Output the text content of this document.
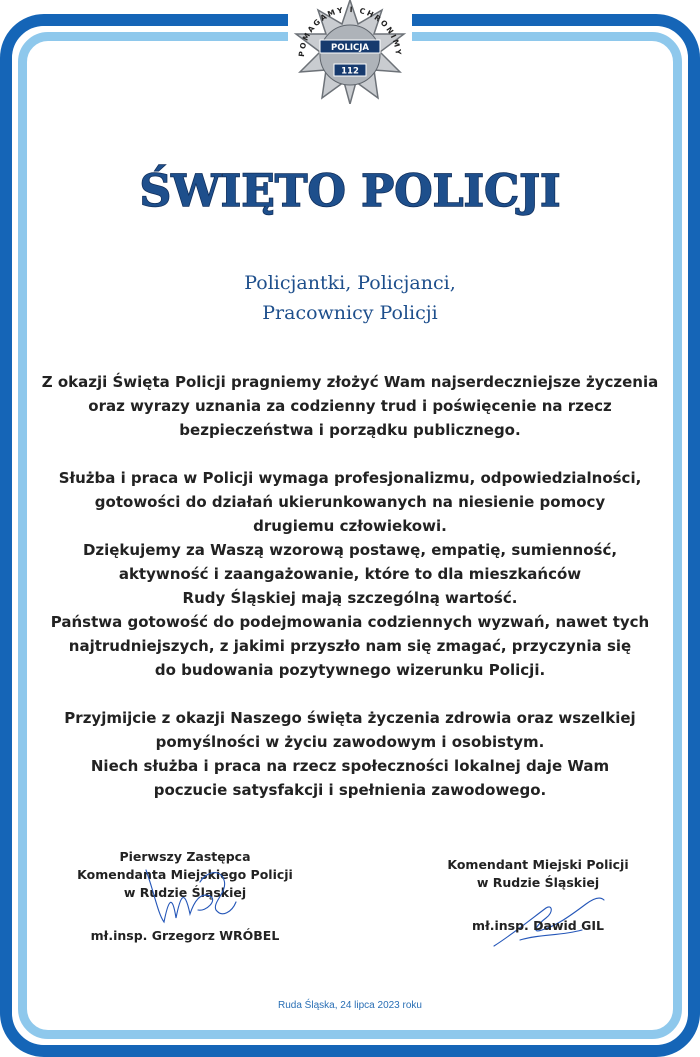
POMAGAMY I CHRONIMY
POLICJA
112
ŚWIĘTO POLICJI
Policjantki, Policjanci,
Pracownicy Policji

Z okazji Święta Policji pragniemy złożyć Wam najserdeczniejsze życzenia

oraz wyrazy uznania za codzienny trud i poświęcenie na rzecz

bezpieczeństwa i porządku publicznego.

Służba i praca w Policji wymaga profesjonalizmu, odpowiedzialności,

gotowości do działań ukierunkowanych na niesienie pomocy

drugiemu człowiekowi.

Dziękujemy za Waszą wzorową postawę, empatię, sumienność,

aktywność i zaangażowanie, które to dla mieszkańców

Rudy Śląskiej mają szczególną wartość.

Państwa gotowość do podejmowania codziennych wyzwań, nawet tych

najtrudniejszych, z jakimi przyszło nam się zmagać, przyczynia się

do budowania pozytywnego wizerunku Policji.

Przyjmijcie z okazji Naszego święta życzenia zdrowia oraz wszelkiej

pomyślności w życiu zawodowym i osobistym.

Niech służba i praca na rzecz społeczności lokalnej daje Wam

poczucie satysfakcji i spełnienia zawodowego.

Pierwszy Zastępca
Komendanta Miejskiego Policji
w Rudzie Śląskiej
mł.insp. Grzegorz WRÓBEL
Komendant Miejski Policji
w Rudzie Śląskiej
mł.insp. Dawid GIL
Ruda Śląska, 24 lipca 2023 roku
